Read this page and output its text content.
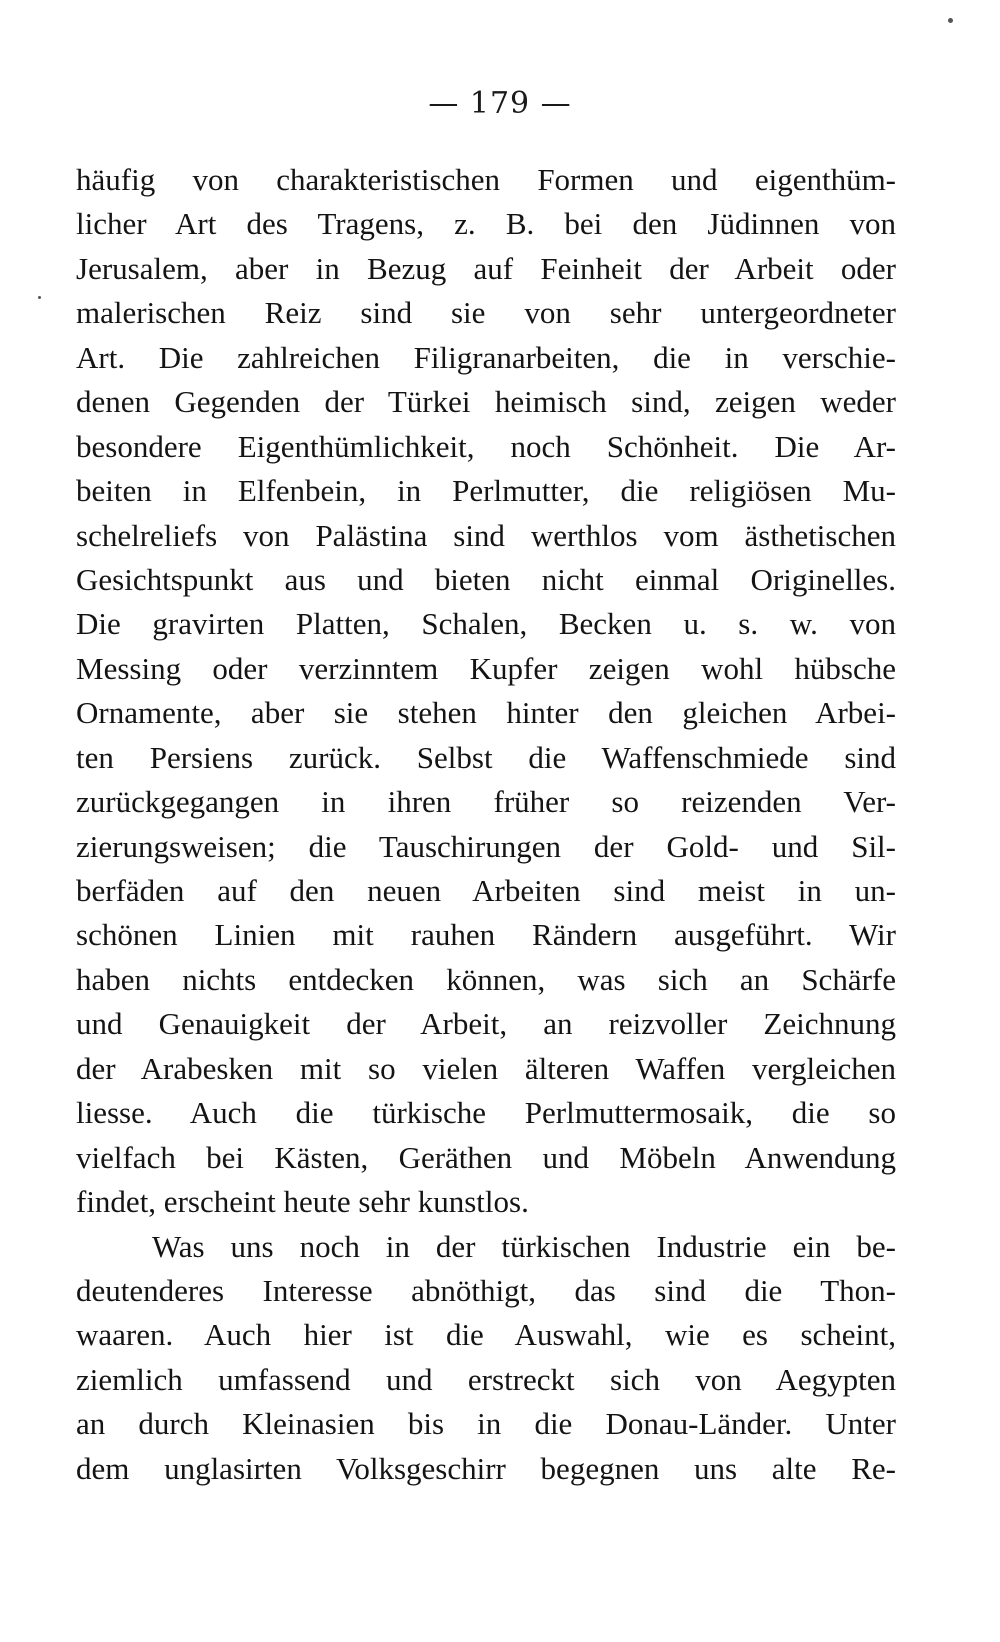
— 179 —
häufig von charakteristischen Formen und eigenthüm-
licher Art des Tragens, z. B. bei den Jüdinnen von
Jerusalem, aber in Bezug auf Feinheit der Arbeit oder
malerischen Reiz sind sie von sehr untergeordneter
Art. Die zahlreichen Filigranarbeiten, die in verschie-
denen Gegenden der Türkei heimisch sind, zeigen weder
besondere Eigenthümlichkeit, noch Schönheit. Die Ar-
beiten in Elfenbein, in Perlmutter, die religiösen Mu-
schelreliefs von Palästina sind werthlos vom ästhetischen
Gesichtspunkt aus und bieten nicht einmal Originelles.
Die gravirten Platten, Schalen, Becken u. s. w. von
Messing oder verzinntem Kupfer zeigen wohl hübsche
Ornamente, aber sie stehen hinter den gleichen Arbei-
ten Persiens zurück. Selbst die Waffenschmiede sind
zurückgegangen in ihren früher so reizenden Ver-
zierungsweisen; die Tauschirungen der Gold- und Sil-
berfäden auf den neuen Arbeiten sind meist in un-
schönen Linien mit rauhen Rändern ausgeführt. Wir
haben nichts entdecken können, was sich an Schärfe
und Genauigkeit der Arbeit, an reizvoller Zeichnung
der Arabesken mit so vielen älteren Waffen vergleichen
liesse. Auch die türkische Perlmuttermosaik, die so
vielfach bei Kästen, Geräthen und Möbeln Anwendung
findet, erscheint heute sehr kunstlos.
Was uns noch in der türkischen Industrie ein be-
deutenderes Interesse abnöthigt, das sind die Thon-
waaren. Auch hier ist die Auswahl, wie es scheint,
ziemlich umfassend und erstreckt sich von Aegypten
an durch Kleinasien bis in die Donau-Länder. Unter
dem unglasirten Volksgeschirr begegnen uns alte Re-
